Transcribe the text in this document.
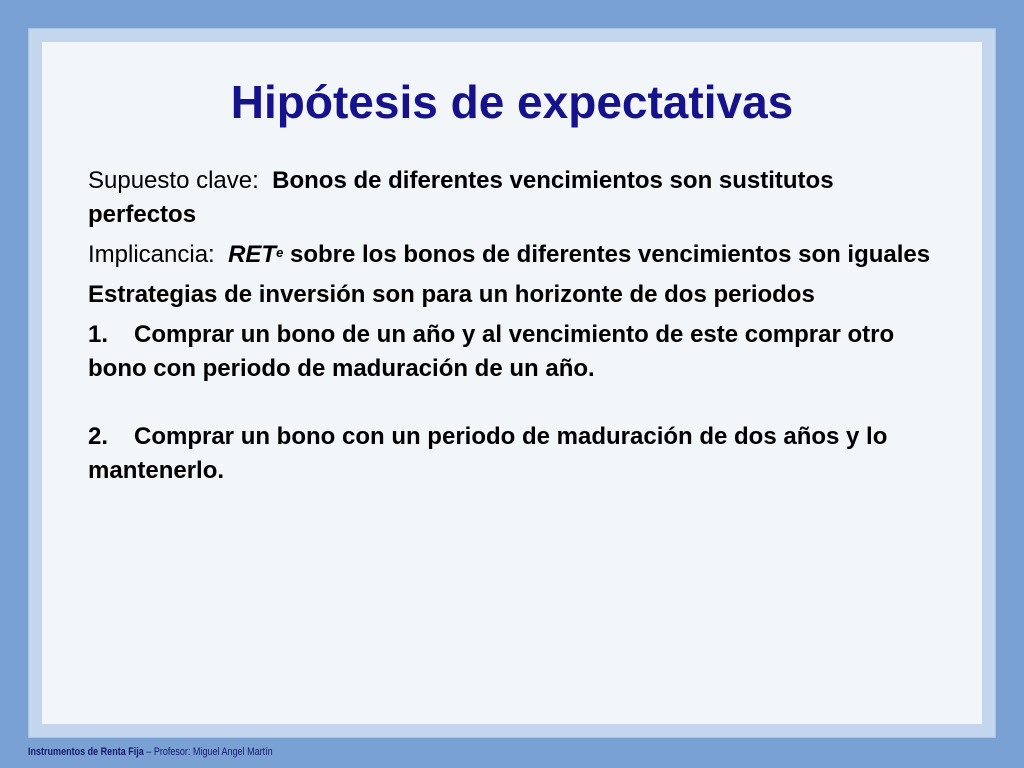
Hipótesis de expectativas

Supuesto clave: Bonos de diferentes vencimientos son sustitutos perfectos

Implicancia: RET$^e$ sobre los bonos de diferentes vencimientos son iguales

Estrategias de inversión son para un horizonte de dos periodos

1. Comprar un bono de un año y al vencimiento de este comprar otro bono con periodo de maduración de un año.

2. Comprar un bono con un periodo de maduración de dos años y lo mantenerlo.

Instrumentos de Renta Fija – Profesor: Miguel Angel Martín
